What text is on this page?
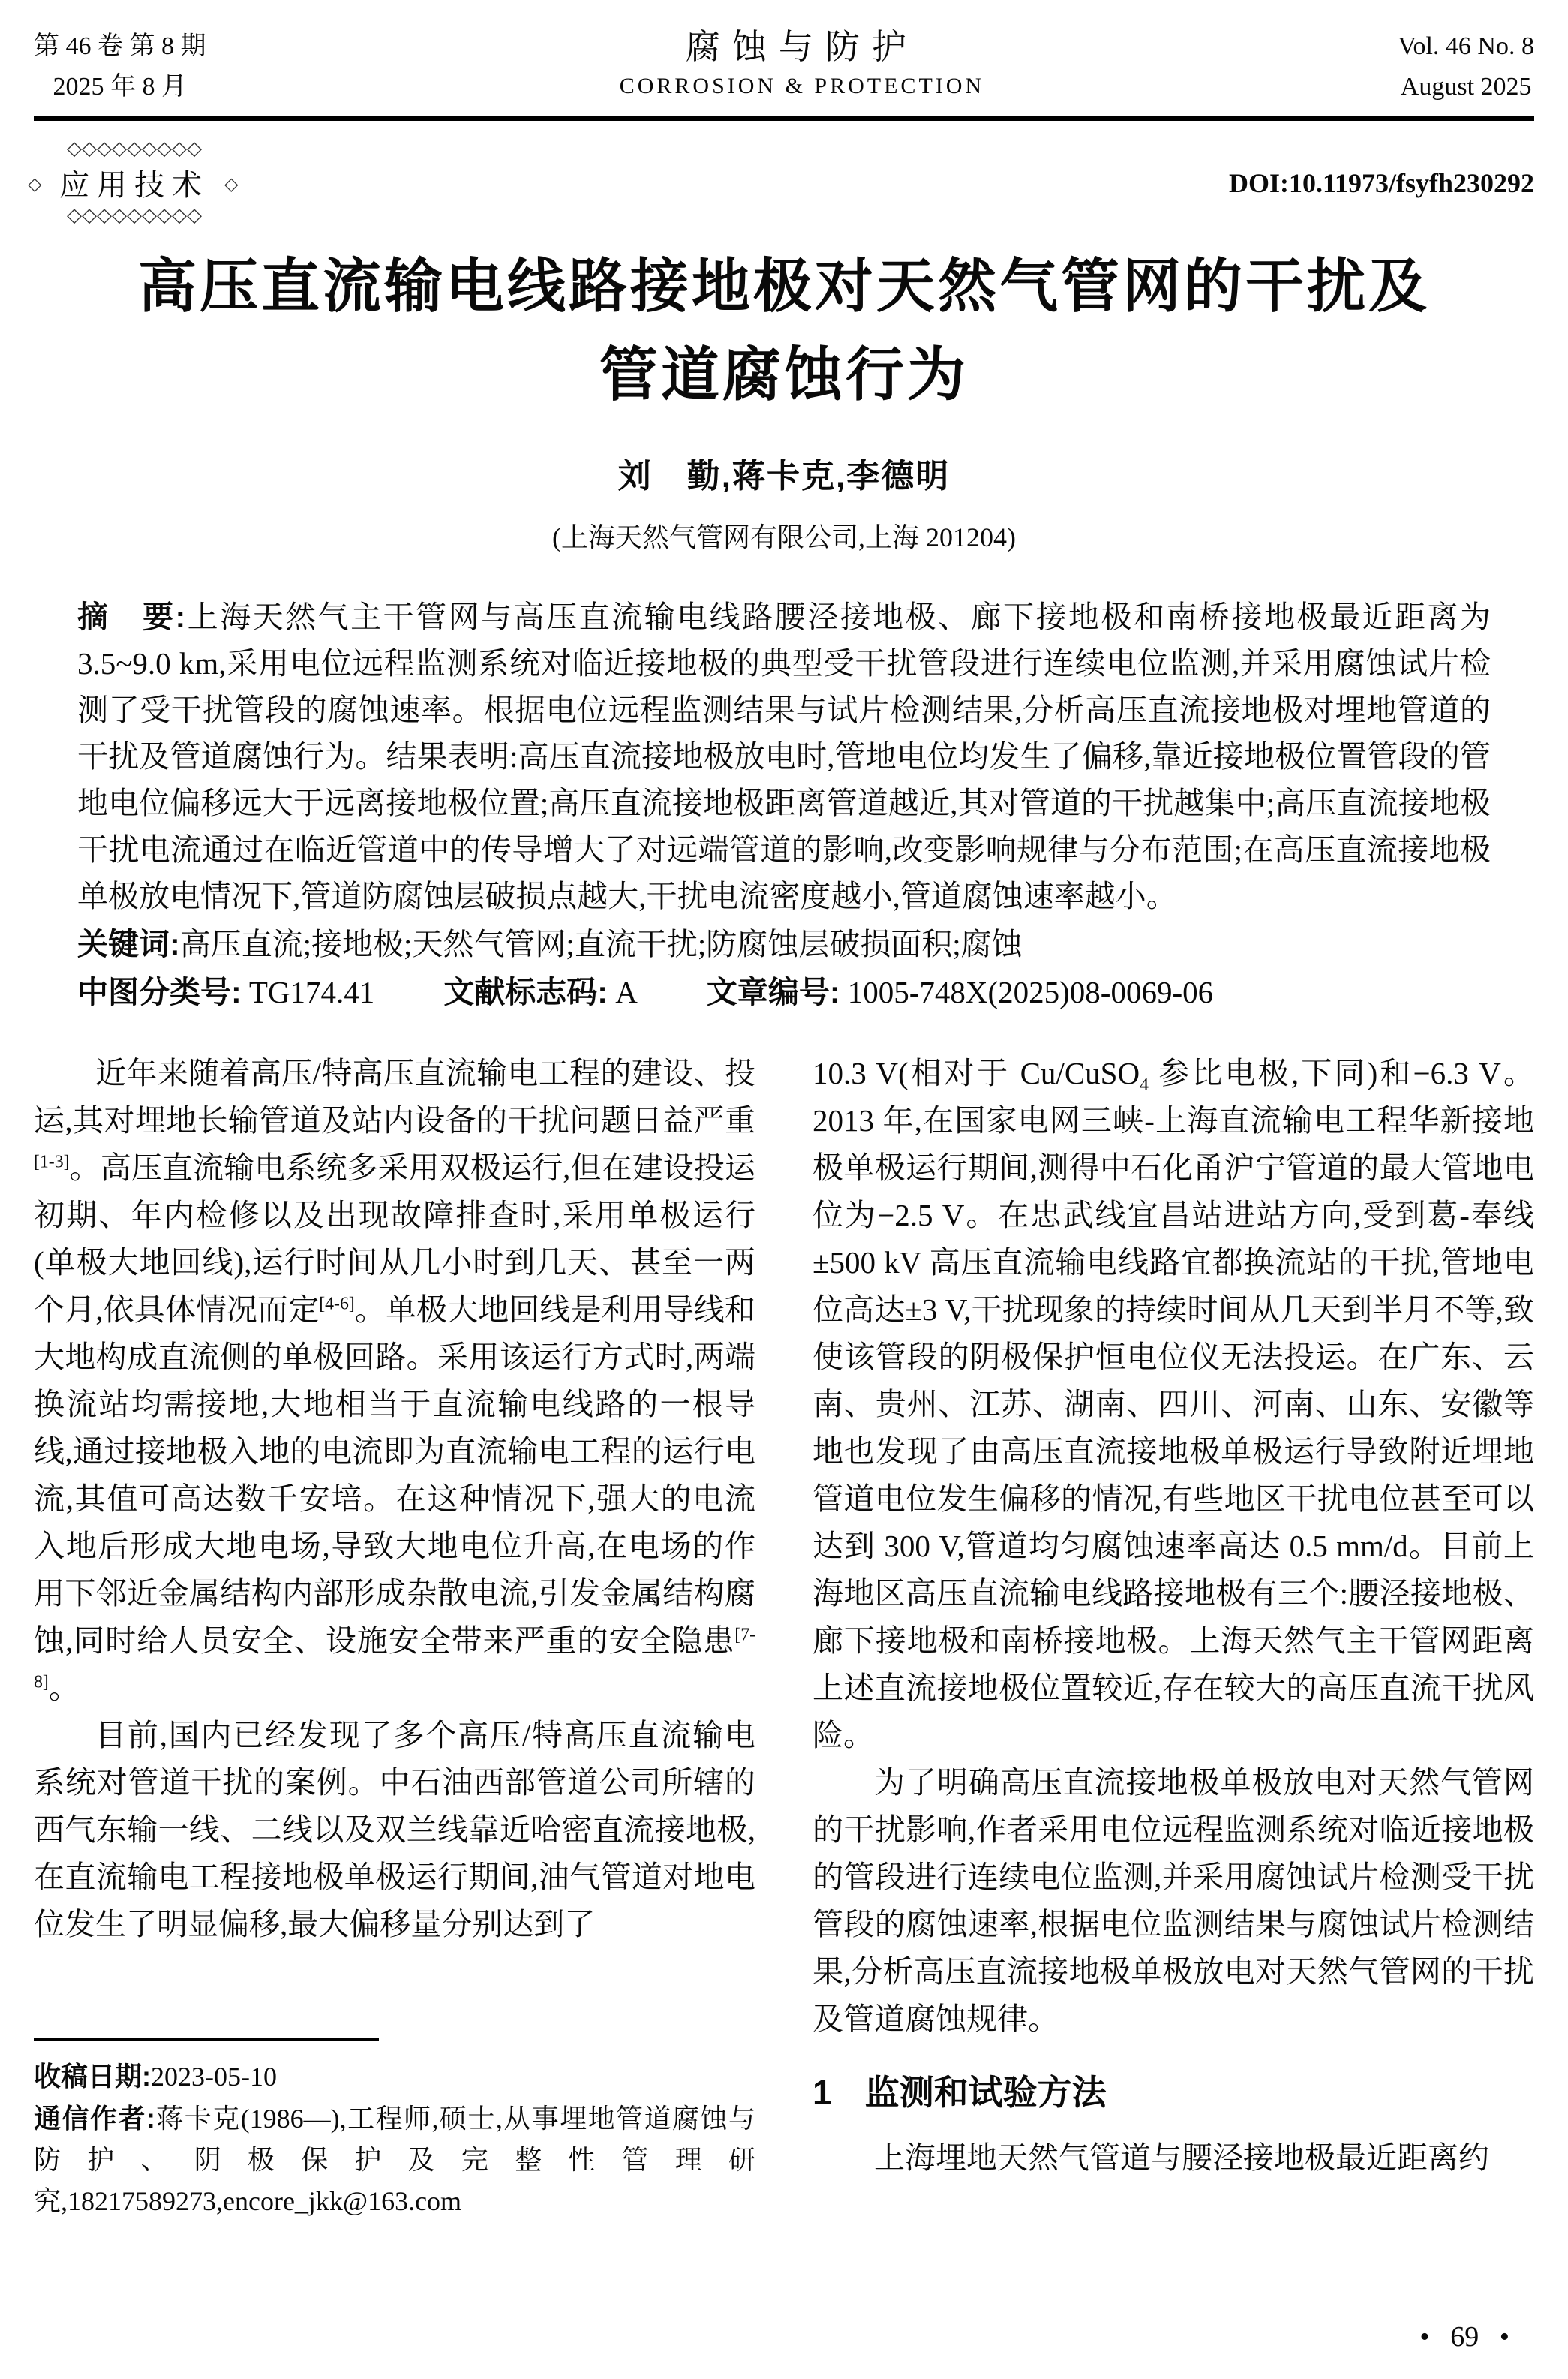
第 46 卷 第 8 期
2025 年 8 月
腐蚀与防护
CORROSION & PROTECTION
Vol. 46 No. 8
August 2025
◇
◇◇◇◇◇◇◇◇◇ 应用技术
◇
◇◇◇◇◇◇◇◇◇	DOI:10.11973/fsyfh230292
高压直流输电线路接地极对天然气管网的干扰及
管道腐蚀行为
刘　勤,蒋卡克,李德明
(上海天然气管网有限公司,上海 201204)
摘　要:上海天然气主干管网与高压直流输电线路腰泾接地极、廊下接地极和南桥接地极最近距离为 3.5~9.0 km,采用电位远程监测系统对临近接地极的典型受干扰管段进行连续电位监测,并采用腐蚀试片检测了受干扰管段的腐蚀速率。根据电位远程监测结果与试片检测结果,分析高压直流接地极对埋地管道的干扰及管道腐蚀行为。结果表明:高压直流接地极放电时,管地电位均发生了偏移,靠近接地极位置管段的管地电位偏移远大于远离接地极位置;高压直流接地极距离管道越近,其对管道的干扰越集中;高压直流接地极干扰电流通过在临近管道中的传导增大了对远端管道的影响,改变影响规律与分布范围;在高压直流接地极单极放电情况下,管道防腐蚀层破损点越大,干扰电流密度越小,管道腐蚀速率越小。
关键词:高压直流;接地极;天然气管网;直流干扰;防腐蚀层破损面积;腐蚀
中图分类号: TG174.41 文献标志码: A 文章编号: 1005-748X(2025)08-0069-06

近年来随着高压/特高压直流输电工程的建设、投运,其对埋地长输管道及站内设备的干扰问题日益严重[1-3]。高压直流输电系统多采用双极运行,但在建设投运初期、年内检修以及出现故障排查时,采用单极运行(单极大地回线),运行时间从几小时到几天、甚至一两个月,依具体情况而定[4-6]。单极大地回线是利用导线和大地构成直流侧的单极回路。采用该运行方式时,两端换流站均需接地,大地相当于直流输电线路的一根导线,通过接地极入地的电流即为直流输电工程的运行电流,其值可高达数千安培。在这种情况下,强大的电流入地后形成大地电场,导致大地电位升高,在电场的作用下邻近金属结构内部形成杂散电流,引发金属结构腐蚀,同时给人员安全、设施安全带来严重的安全隐患[7-8]。

目前,国内已经发现了多个高压/特高压直流输电系统对管道干扰的案例。中石油西部管道公司所辖的西气东输一线、二线以及双兰线靠近哈密直流接地极,在直流输电工程接地极单极运行期间,油气管道对地电位发生了明显偏移,最大偏移量分别达到了

收稿日期:2023-05-10

通信作者:蒋卡克(1986—),工程师,硕士,从事埋地管道腐蚀与防护、阴极保护及完整性管理研究,18217589273,encore_jkk@163.com

10.3 V(相对于 Cu/CuSO$_4$ 参比电极,下同)和−6.3 V。2013 年,在国家电网三峡-上海直流输电工程华新接地极单极运行期间,测得中石化甬沪宁管道的最大管地电位为−2.5 V。在忠武线宜昌站进站方向,受到葛-奉线±500 kV 高压直流输电线路宜都换流站的干扰,管地电位高达±3 V,干扰现象的持续时间从几天到半月不等,致使该管段的阴极保护恒电位仪无法投运。在广东、云南、贵州、江苏、湖南、四川、河南、山东、安徽等地也发现了由高压直流接地极单极运行导致附近埋地管道电位发生偏移的情况,有些地区干扰电位甚至可以达到 300 V,管道均匀腐蚀速率高达 0.5 mm/d。目前上海地区高压直流输电线路接地极有三个:腰泾接地极、廊下接地极和南桥接地极。上海天然气主干管网距离上述直流接地极位置较近,存在较大的高压直流干扰风险。

为了明确高压直流接地极单极放电对天然气管网的干扰影响,作者采用电位远程监测系统对临近接地极的管段进行连续电位监测,并采用腐蚀试片检测受干扰管段的腐蚀速率,根据电位监测结果与腐蚀试片检测结果,分析高压直流接地极单极放电对天然气管网的干扰及管道腐蚀规律。

1 监测和试验方法

上海埋地天然气管道与腰泾接地极最近距离约

• 69 •
